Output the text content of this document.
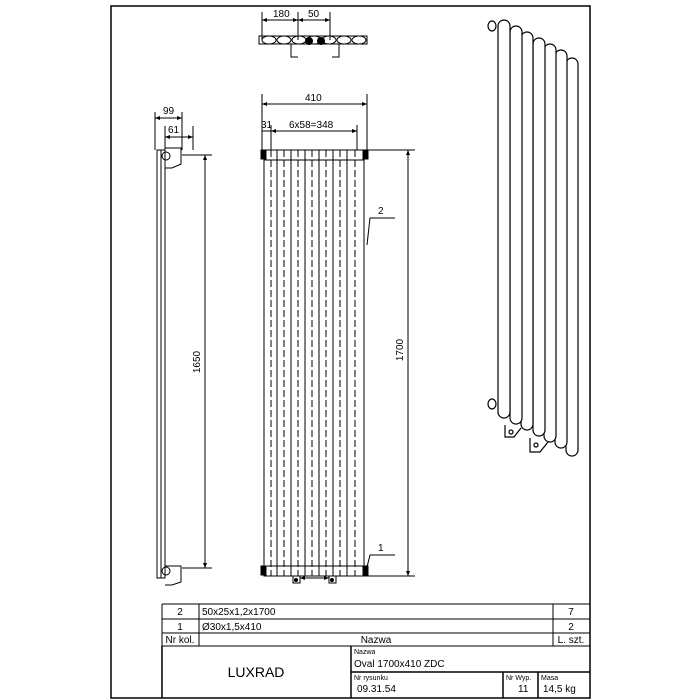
180 50
99
61
1650
410
31 6x58=348
1700
2
1
2 50x25x1,2x1700	7
1 Ø30x1,5x410	2
Nr kol.	Nazwa	L. szt.
LUXRAD
Nazwa
Oval 1700x410 ZDC
Nr rysunku
09.31.54
Nr Wyp.
11
Masa
14,5 kg
